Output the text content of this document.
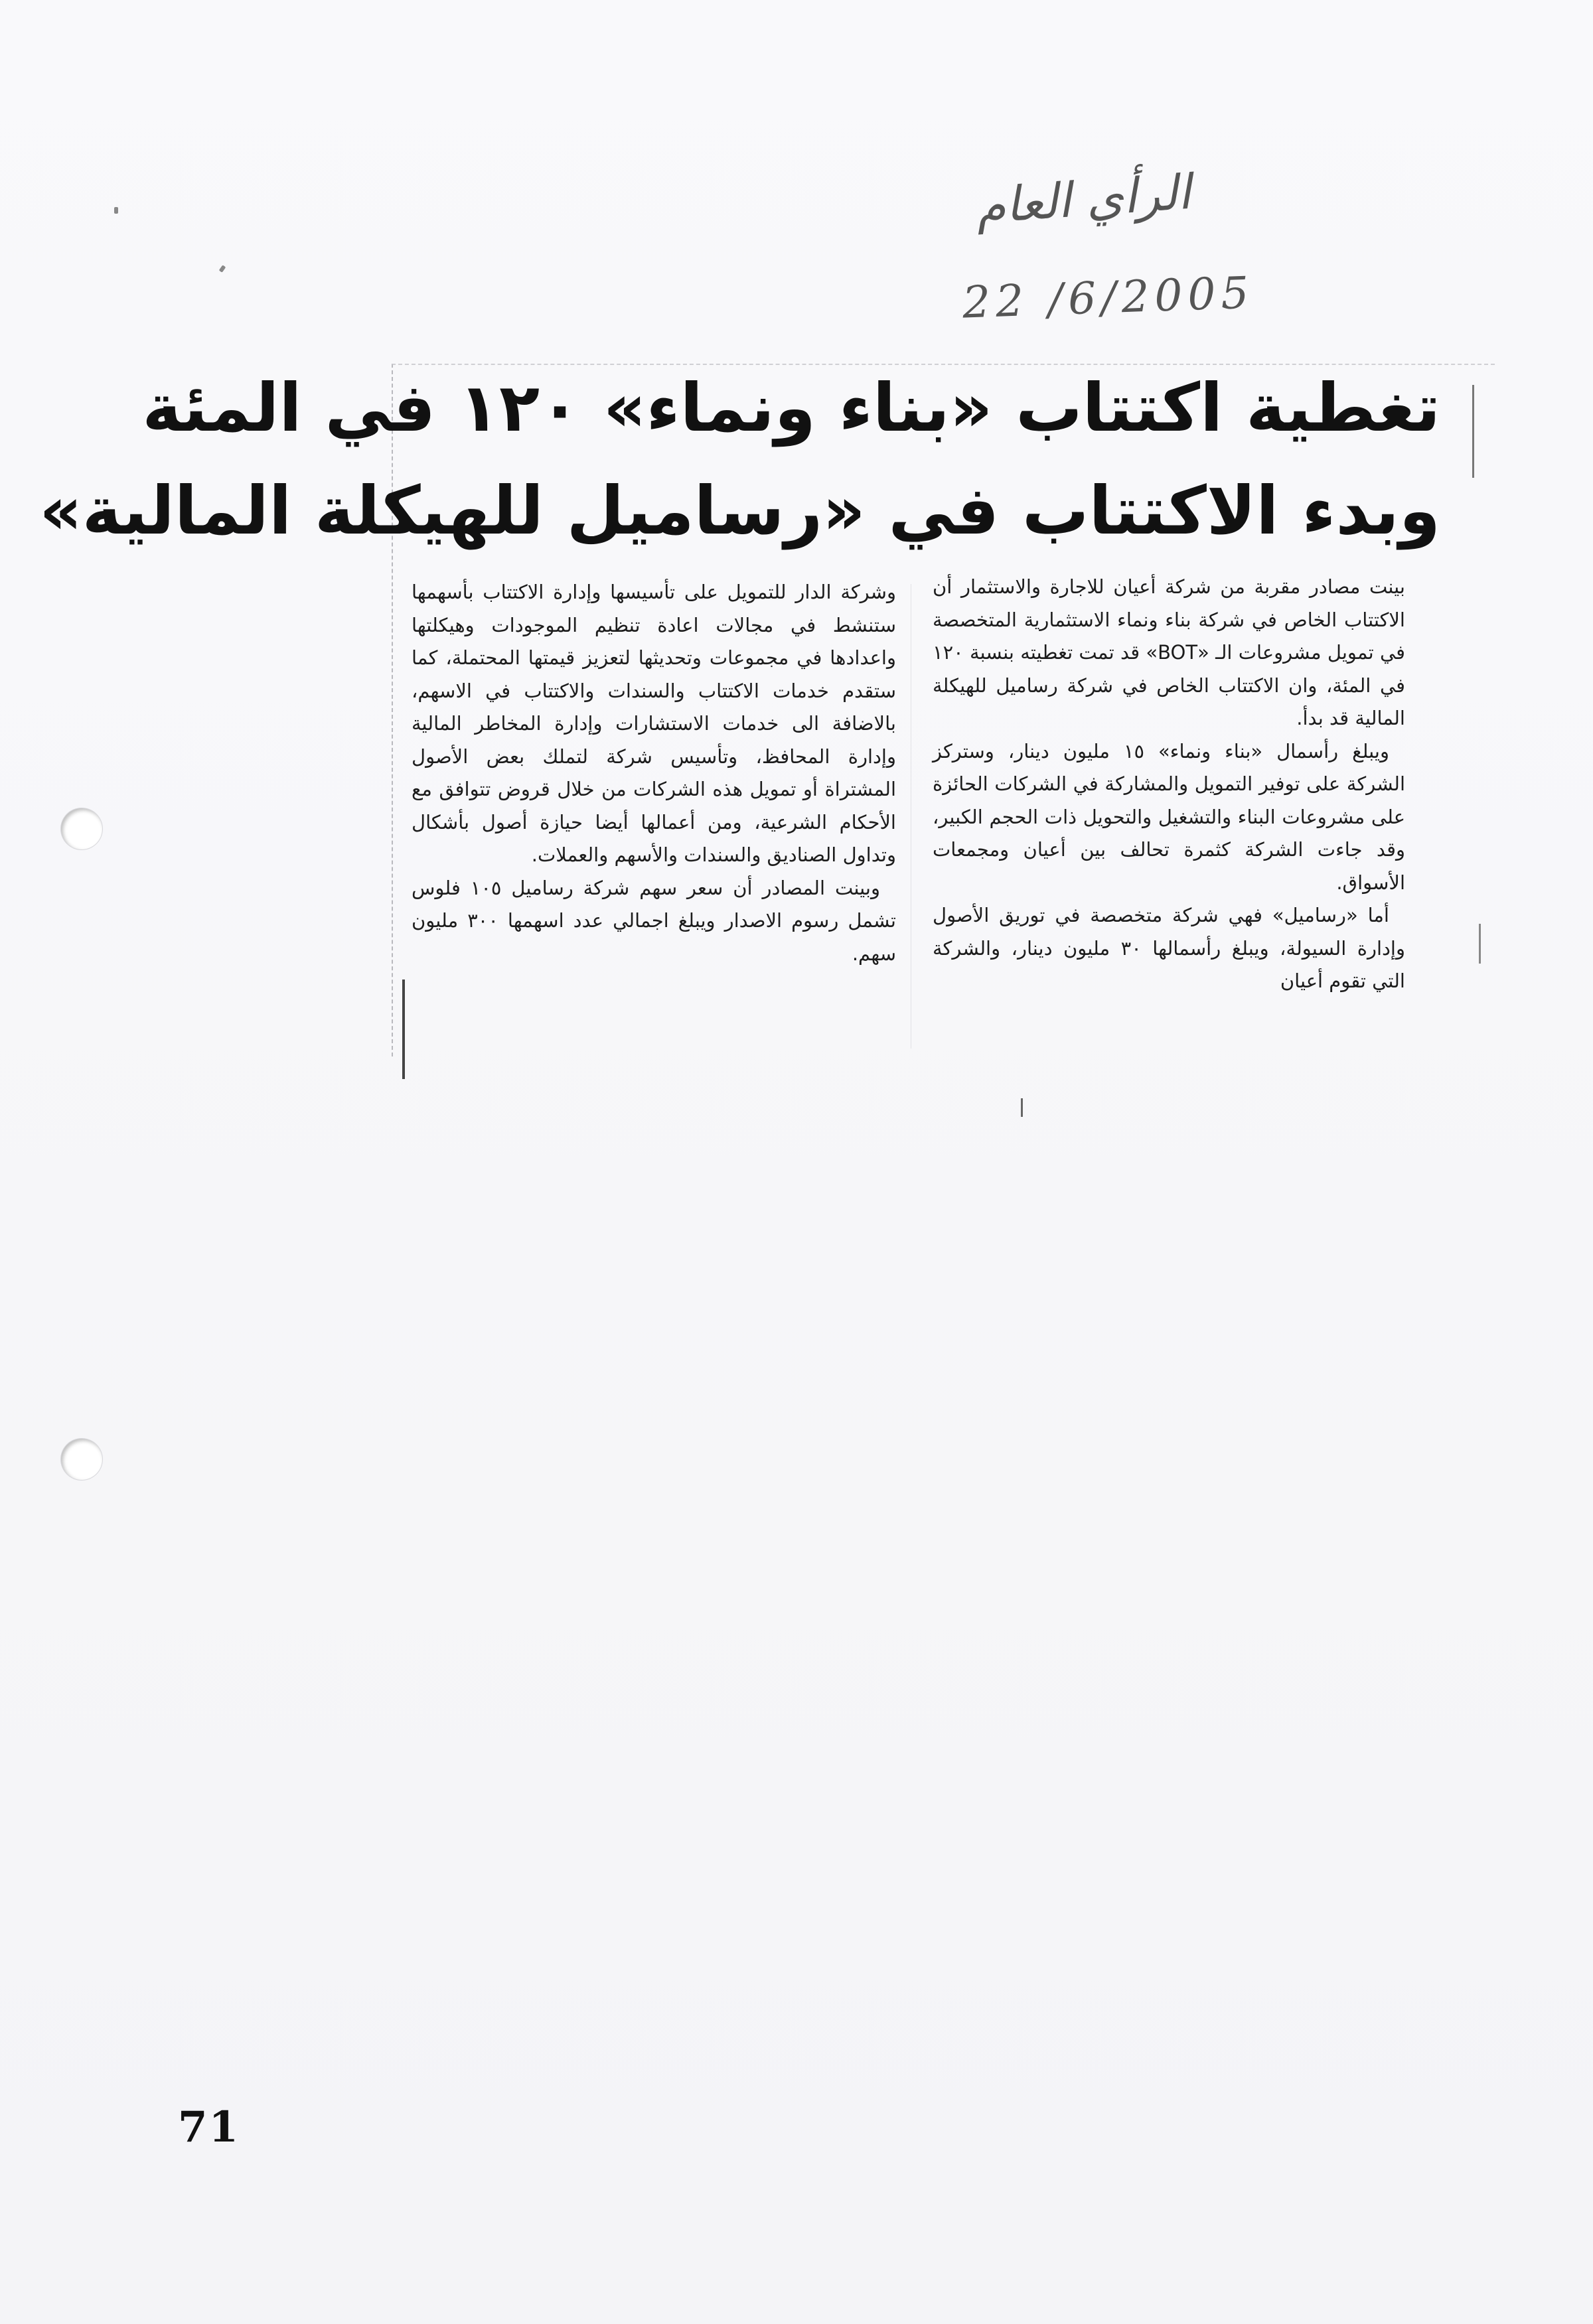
الرأي العام
22 /6/2005
تغطية اكتتاب «بناء ونماء» ١٢٠ في المئة
وبدء الاكتتاب في «رساميل للهيكلة المالية»

بينت مصادر مقربة من شركة أعيان للاجارة والاستثمار أن الاكتتاب الخاص في شركة بناء ونماء الاستثمارية المتخصصة في تمويل مشروعات الـ «BOT» قد تمت تغطيته بنسبة ١٢٠ في المئة، وان الاكتتاب الخاص في شركة رساميل للهيكلة المالية قد بدأ.

ويبلغ رأسمال «بناء ونماء» ١٥ مليون دينار، وستركز الشركة على توفير التمويل والمشاركة في الشركات الحائزة على مشروعات البناء والتشغيل والتحويل ذات الحجم الكبير، وقد جاءت الشركة كثمرة تحالف بين أعيان ومجمعات الأسواق.

أما «رساميل» فهي شركة متخصصة في توريق الأصول وإدارة السيولة، ويبلغ رأسمالها ٣٠ مليون دينار، والشركة التي تقوم أعيان

وشركة الدار للتمويل على تأسيسها وإدارة الاكتتاب بأسهمها ستنشط في مجالات اعادة تنظيم الموجودات وهيكلتها واعدادها في مجموعات وتحديثها لتعزيز قيمتها المحتملة، كما ستقدم خدمات الاكتتاب والسندات والاكتتاب في الاسهم، بالاضافة الى خدمات الاستشارات وإدارة المخاطر المالية وإدارة المحافظ، وتأسيس شركة لتملك بعض الأصول المشتراة أو تمويل هذه الشركات من خلال قروض تتوافق مع الأحكام الشرعية، ومن أعمالها أيضا حيازة أصول بأشكال وتداول الصناديق والسندات والأسهم والعملات.

وبينت المصادر أن سعر سهم شركة رساميل ١٠٥ فلوس تشمل رسوم الاصدار ويبلغ اجمالي عدد اسهمها ٣٠٠ مليون سهم.

71
